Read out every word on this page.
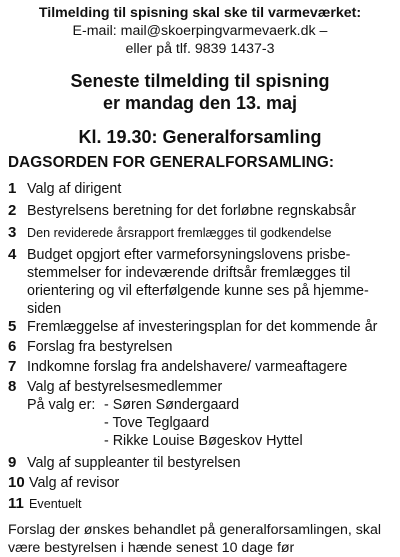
Tilmelding til spisning skal ske til varmeværket:
E-mail: mail@skoerpingvarmevaerk.dk –
eller på tlf. 9839 1437-3
Seneste tilmelding til spisning
er mandag den 13. maj
Kl. 19.30: Generalforsamling
DAGSORDEN FOR GENERALFORSAMLING:
1 Valg af dirigent
2 Bestyrelsens beretning for det forløbne regnskabsår
3 Den reviderede årsrapport fremlægges til godkendelse
4 Budget opgjort efter varmeforsyningslovens prisbe-
stemmelser for indeværende driftsår fremlægges til
orientering og vil efterfølgende kunne ses på hjemme-
siden
5 Fremlæggelse af investeringsplan for det kommende år
6 Forslag fra bestyrelsen
7 Indkomne forslag fra andelshavere/ varmeaftagere
8 Valg af bestyrelsesmedlemmer
På valg er: - Søren Søndergaard
- Tove Teglgaard
- Rikke Louise Bøgeskov Hyttel
9 Valg af suppleanter til bestyrelsen
10 Valg af revisor
11 Eventuelt
Forslag der ønskes behandlet på generalforsamlingen, skal
være bestyrelsen i hænde senest 10 dage før
